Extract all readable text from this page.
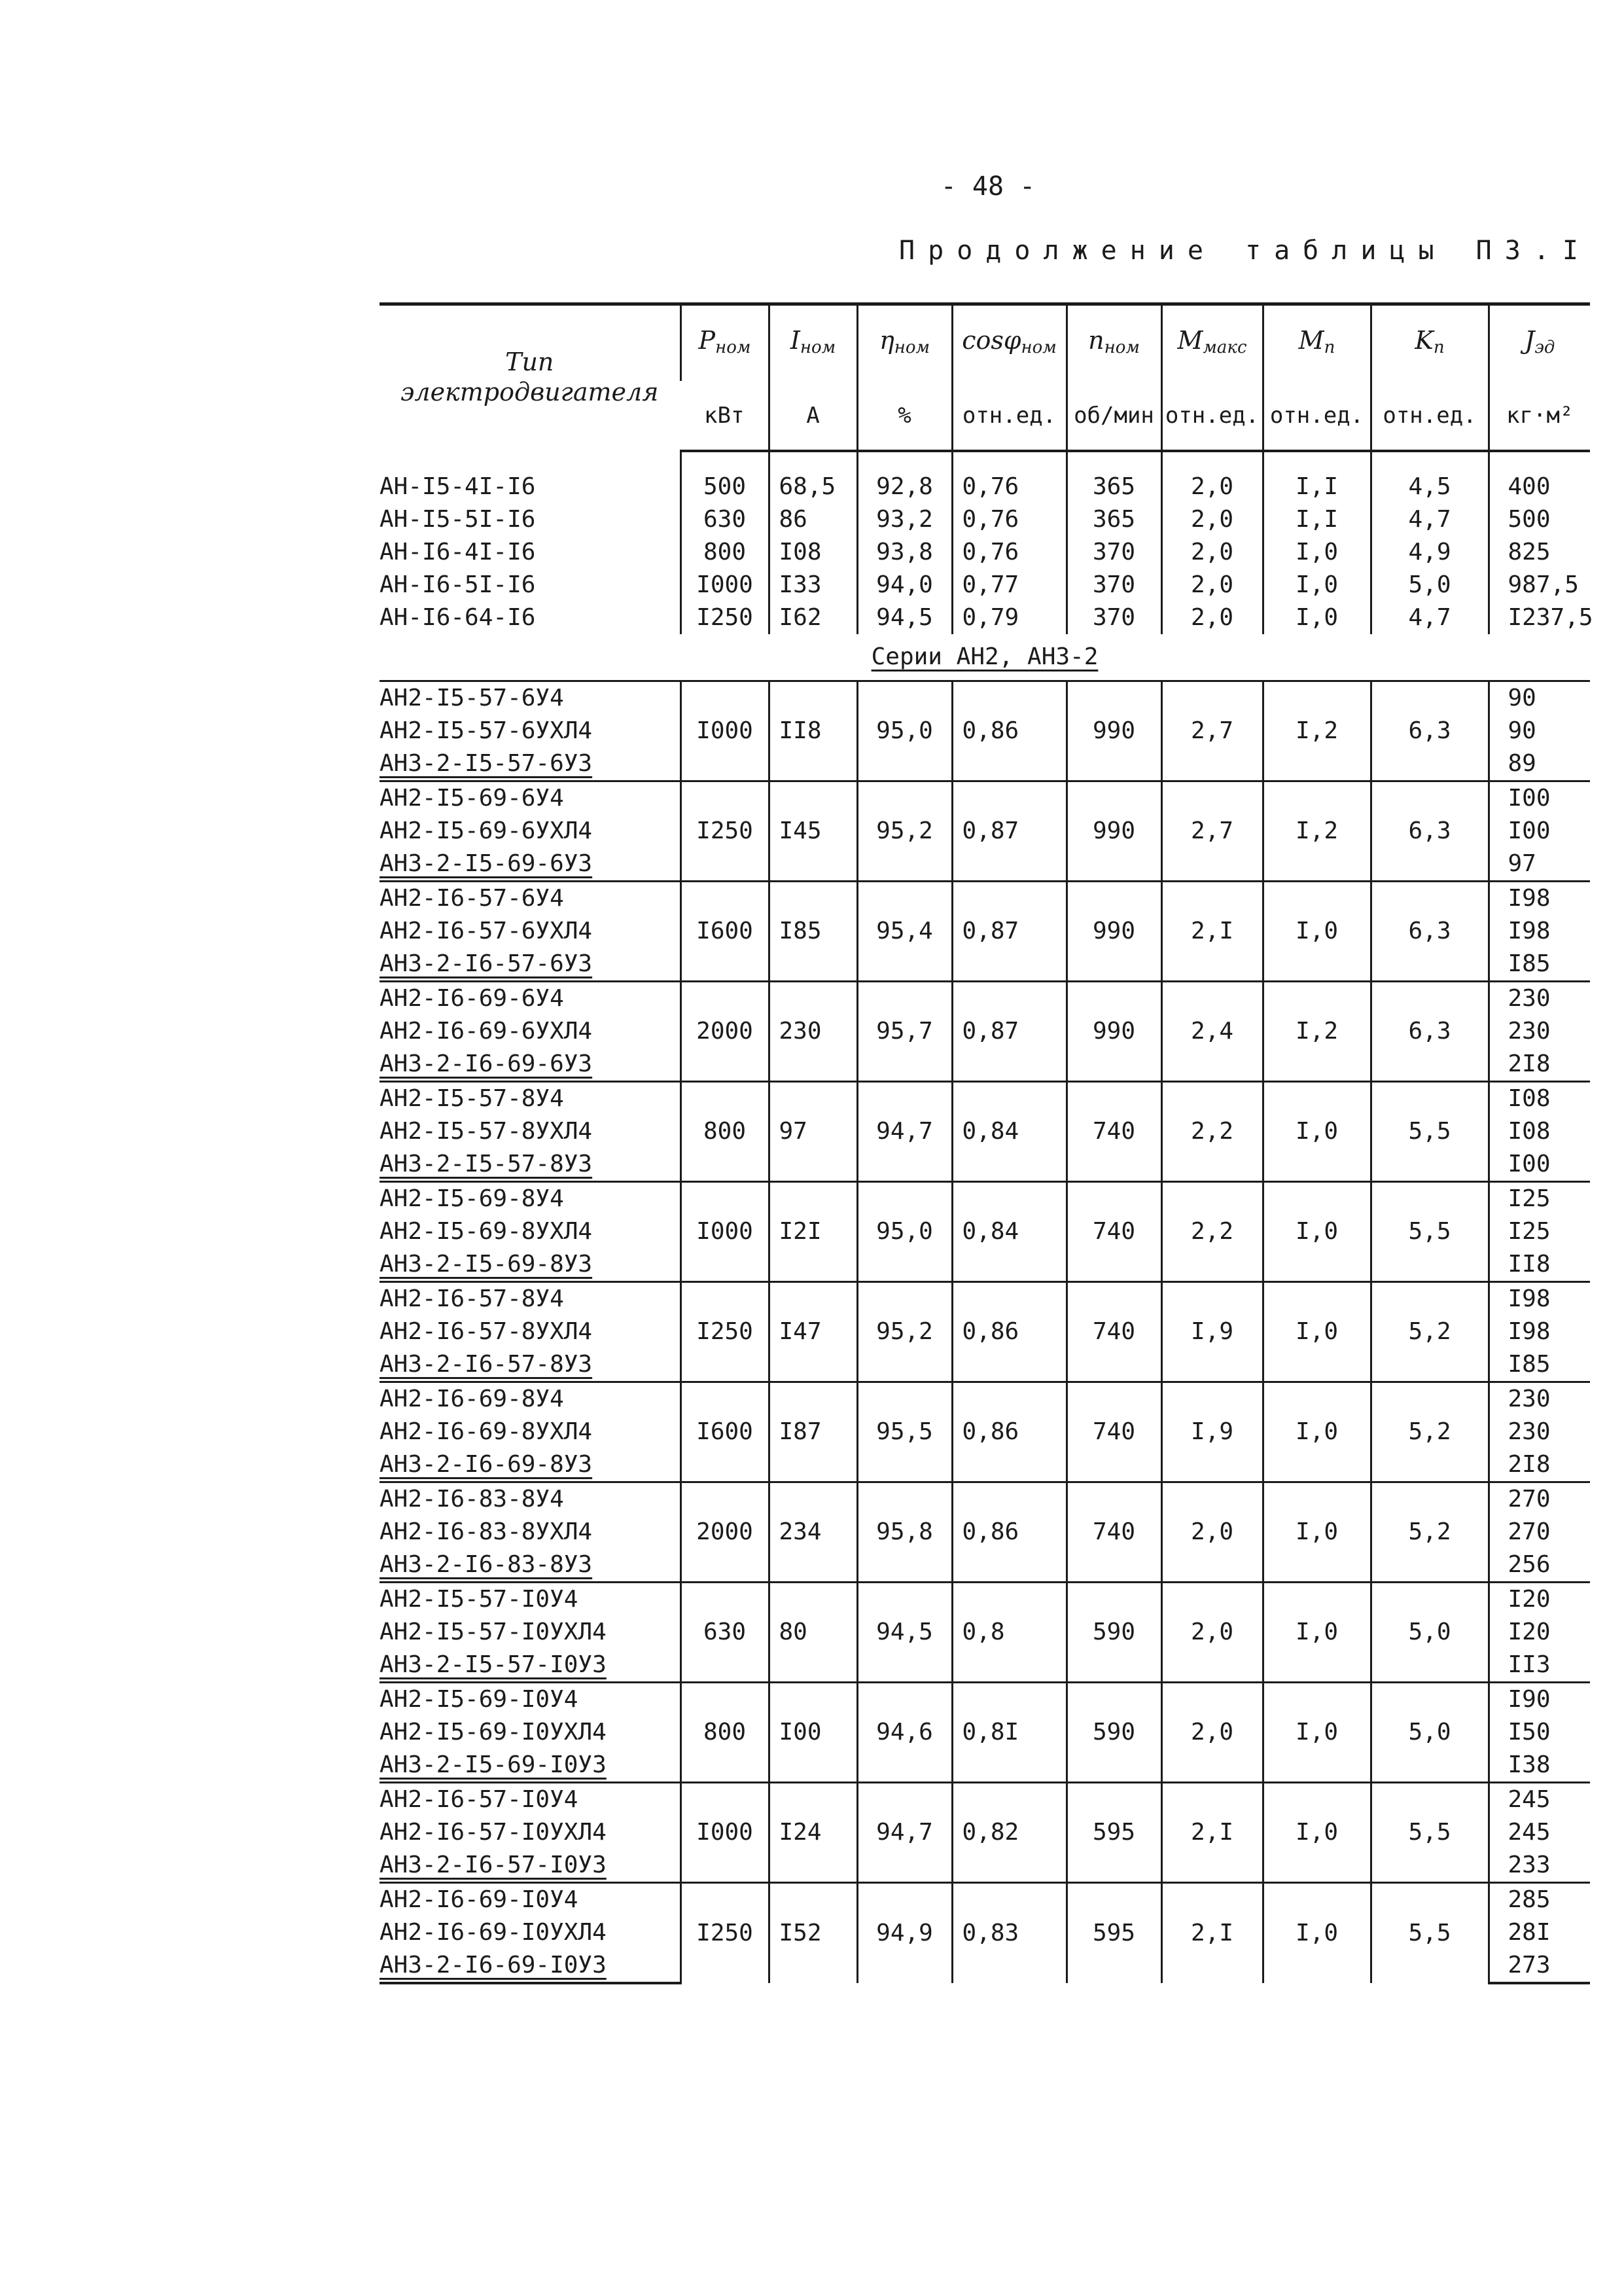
- 48 -
Продолжение таблицы П3.I
Тип
электродвигателя	$P_{ном}$	$I_{ном}$	$\eta_{ном}$	cosφ$_{ном}$	$n_{ном}$	$M_{макс}$	$M_п$	$K_п$	$J_{эд}$
	кВт	А	%	отн.ед.	об/мин	отн.ед.	отн.ед.	отн.ед.	кг·м²

АН-I5-4I-I6	500	68,5	92,8	0,76	365	2,0	I,I	4,5	400
АН-I5-5I-I6	630	86	93,2	0,76	365	2,0	I,I	4,7	500
АН-I6-4I-I6	800	I08	93,8	0,76	370	2,0	I,0	4,9	825
АН-I6-5I-I6	I000	I33	94,0	0,77	370	2,0	I,0	5,0	987,5
АН-I6-64-I6	I250	I62	94,5	0,79	370	2,0	I,0	4,7	I237,5
Серии АН2, АН3-2									
АН2-I5-57-6У4	I000	II8	95,0	0,86	990	2,7	I,2	6,3	90
АН2-I5-57-6УХЛ4									90
АН3-2-I5-57-6У3									89
АН2-I5-69-6У4	I250	I45	95,2	0,87	990	2,7	I,2	6,3	I00
АН2-I5-69-6УХЛ4									I00
АН3-2-I5-69-6У3									97
АН2-I6-57-6У4	I600	I85	95,4	0,87	990	2,I	I,0	6,3	I98
АН2-I6-57-6УХЛ4									I98
АН3-2-I6-57-6У3									I85
АН2-I6-69-6У4	2000	230	95,7	0,87	990	2,4	I,2	6,3	230
АН2-I6-69-6УХЛ4									230
АН3-2-I6-69-6У3									2I8
АН2-I5-57-8У4	800	97	94,7	0,84	740	2,2	I,0	5,5	I08
АН2-I5-57-8УХЛ4									I08
АН3-2-I5-57-8У3									I00
АН2-I5-69-8У4	I000	I2I	95,0	0,84	740	2,2	I,0	5,5	I25
АН2-I5-69-8УХЛ4									I25
АН3-2-I5-69-8У3									II8
АН2-I6-57-8У4	I250	I47	95,2	0,86	740	I,9	I,0	5,2	I98
АН2-I6-57-8УХЛ4									I98
АН3-2-I6-57-8У3									I85
АН2-I6-69-8У4	I600	I87	95,5	0,86	740	I,9	I,0	5,2	230
АН2-I6-69-8УХЛ4									230
АН3-2-I6-69-8У3									2I8
АН2-I6-83-8У4	2000	234	95,8	0,86	740	2,0	I,0	5,2	270
АН2-I6-83-8УХЛ4									270
АН3-2-I6-83-8У3									256
АН2-I5-57-I0У4	630	80	94,5	0,8	590	2,0	I,0	5,0	I20
АН2-I5-57-I0УХЛ4									I20
АН3-2-I5-57-I0У3									II3
АН2-I5-69-I0У4	800	I00	94,6	0,8I	590	2,0	I,0	5,0	I90
АН2-I5-69-I0УХЛ4									I50
АН3-2-I5-69-I0У3									I38
АН2-I6-57-I0У4	I000	I24	94,7	0,82	595	2,I	I,0	5,5	245
АН2-I6-57-I0УХЛ4									245
АН3-2-I6-57-I0У3									233
АН2-I6-69-I0У4	I250	I52	94,9	0,83	595	2,I	I,0	5,5	285
АН2-I6-69-I0УХЛ4									28I
АН3-2-I6-69-I0У3									273
